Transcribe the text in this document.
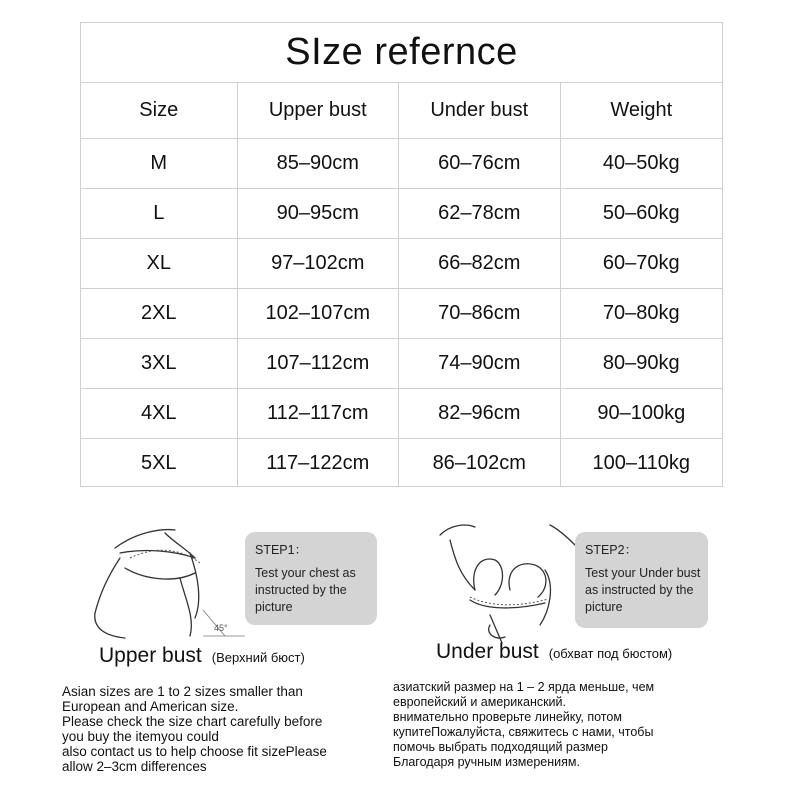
SIze refernce
Size	Upper bust	Under bust	Weight
M	85–90cm	60–76cm	40–50kg
L	90–95cm	62–78cm	50–60kg
XL	97–102cm	66–82cm	60–70kg
2XL	102–107cm	70–86cm	70–80kg
3XL	107–112cm	74–90cm	80–90kg
4XL	112–117cm	82–96cm	90–100kg
5XL	117–122cm	86–102cm	100–110kg
45°
STEP1：
Test your chest as instructed by the picture
Upper bust (Верхний бюст)
STEP2：
Test your Under bust as instructed by the picture
Under bust (обхват под бюстом)
Asian sizes are 1 to 2 sizes smaller than
European and American size.
Please check the size chart carefully before
you buy the itemyou could
also contact us to help choose fit sizePlease
allow 2–3cm differences
азиатский размер на 1 – 2 ярда меньше, чем
европейский и американский.
внимательно проверьте линейку, потом
купитеПожалуйста, свяжитесь с нами, чтобы
помочь выбрать подходящий размер
Благодаря ручным измерениям.
